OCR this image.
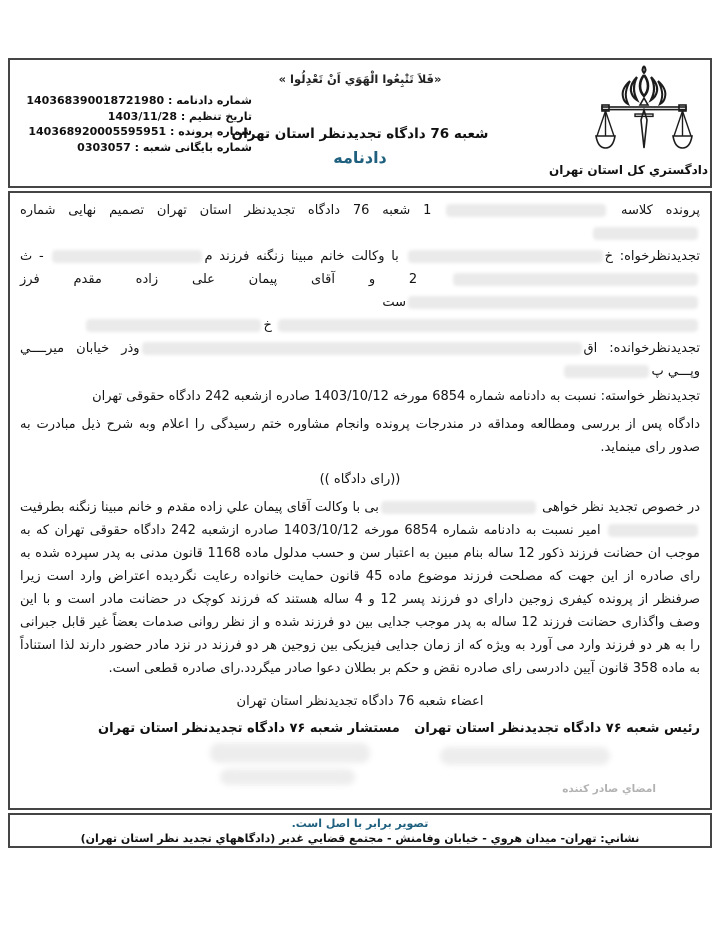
«فَلاَ تَتْبِعُوا الْهَوَي اَنْ تَعْدِلُوا »
شماره دادنامه : 140368390018721980
تاریخ تنظیم : 1403/11/28
شماره پرونده : 140368920005595951
شماره بایگانی شعبه : 0303057
شعبه 76 دادگاه تجدیدنظر استان تهران
دادنامه
دادگستري کل استان تهران
پرونده کلاسه  1 شعبه 76 دادگاه تجدیدنظر استان تهران تصمیم نهایی شماره
تجدیدنظرخواه: خ با وکالت خانم مبینا زنگنه فرزند م - ث 2 و آقای پیمان علی زاده مقدم فرزست  خ
تجدیدنظرخوانده: اقوذر خیابان میرــــي وپـــي پ
تجدیدنظر خواسته: نسبت به دادنامه شماره 6854 مورخه 1403/10/12 صادره ازشعبه 242 دادگاه حقوقی تهران
دادگاه پس از بررسی ومطالعه ومداقه در مندرجات پرونده وانجام مشاوره ختم رسیدگی را اعلام وبه شرح ذیل مبادرت به صدور رای مینماید.
((رای دادگاه ))
در خصوص تجدید نظر خواهی بی با وکالت آقای پیمان علي زاده مقدم و خانم مبینا زنگنه بطرفیت  امیر نسبت به دادنامه شماره 6854 مورخه 1403/10/12 صادره ازشعبه 242 دادگاه حقوقی تهران که به موجب ان حضانت فرزند ذکور 12 ساله بنام مبین به اعتبار سن و حسب مدلول ماده 1168 قانون مدنی به پدر سپرده شده به رای صادره از این جهت که مصلحت فرزند موضوع ماده 45 قانون حمایت خانواده رعایت نگردیده اعتراض وارد است زیرا صرفنظر از پرونده کیفری زوجین دارای دو فرزند پسر 12 و 4 ساله هستند که فرزند کوچک در حضانت مادر است و با این وصف واگذاری حضانت فرزند 12 ساله به پدر موجب جدایی بین دو فرزند شده و از نظر روانی صدمات بعضاً غیر قابل جبرانی را به هر دو فرزند وارد می آورد به ویژه که از زمان جدایی فیزیکی بین زوجین هر دو فرزند در نزد مادر حضور دارند لذا استناداً به ماده 358 قانون آیین دادرسی رای صادره نقض و حکم بر بطلان دعوا صادر میگردد.رای صادره قطعی است.
اعضاء شعبه 76 دادگاه تجدیدنظر استان تهران
رئیس شعبه ۷۶ دادگاه تجدیدنظر استان تهران
مستشار شعبه ۷۶ دادگاه تجدیدنظر استان تهران
امضاي صادر کننده
تصویر برابر با اصل است.
نشاني: تهران- میدان هروي - خیابان وفامنش - مجتمع قضایي غدیر (دادگاههاي تجدید نظر استان تهران)
